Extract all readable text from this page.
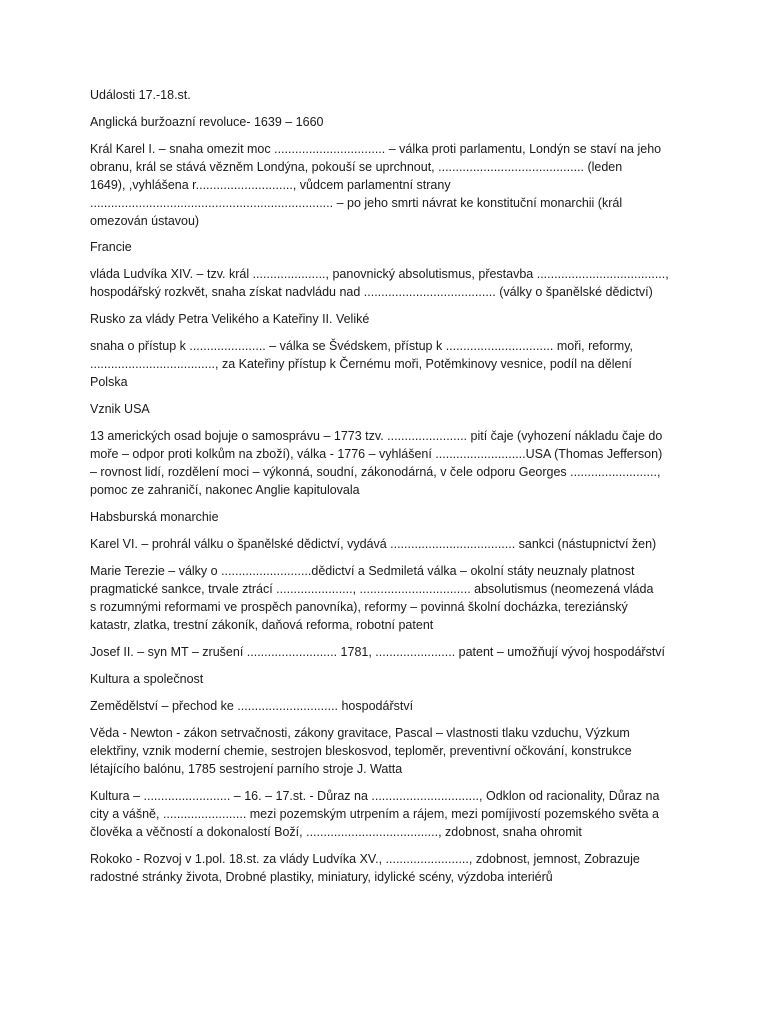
Události 17.-18.st.
Anglická buržoazní revoluce- 1639 – 1660
Král Karel I. – snaha omezit moc ................................ – válka proti parlamentu, Londýn se staví na jeho
obranu, král se stává vězněm Londýna, pokouší se uprchnout, .......................................... (leden
1649), ,vyhlášena r............................, vůdcem parlamentní strany
...................................................................... – po jeho smrti návrat ke konstituční monarchii (král
omezován ústavou)
Francie
vláda Ludvíka XIV. – tzv. král ....................., panovnický absolutismus, přestavba .....................................,
hospodářský rozkvět, snaha získat nadvládu nad ...................................... (války o španělské dědictví)
Rusko za vlády Petra Velikého a Kateřiny II. Veliké
snaha o přístup k ...................... – válka se Švédskem, přístup k ............................... moři, reformy,
...................................., za Kateřiny přístup k Černému moři, Potěmkinovy vesnice, podíl na dělení
Polska
Vznik USA
13 amerických osad bojuje o samosprávu – 1773 tzv. ....................... pití čaje (vyhození nákladu čaje do
moře – odpor proti kolkům na zboží), válka - 1776 – vyhlášení ..........................USA (Thomas Jefferson)
– rovnost lidí, rozdělení moci – výkonná, soudní, zákonodárná, v čele odporu Georges .........................,
pomoc ze zahraničí, nakonec Anglie kapitulovala
Habsburská monarchie
Karel VI. – prohrál válku o španělské dědictví, vydává .................................... sankci (nástupnictví žen)
Marie Terezie – války o ..........................dědictví a Sedmiletá válka – okolní státy neuznaly platnost
pragmatické sankce, trvale ztrácí ......................, ................................ absolutismus (neomezená vláda
s rozumnými reformami ve prospěch panovníka), reformy – povinná školní docházka, tereziánský
katastr, zlatka, trestní zákoník, daňová reforma, robotní patent
Josef II. – syn MT – zrušení .......................... 1781, ....................... patent – umožňují vývoj hospodářství
Kultura a společnost
Zemědělství – přechod ke ............................. hospodářství
Věda - Newton - zákon setrvačnosti, zákony gravitace, Pascal – vlastnosti tlaku vzduchu, Výzkum
elektřiny, vznik moderní chemie, sestrojen bleskosvod, teploměr, preventivní očkování, konstrukce
létajícího balónu, 1785 sestrojení parního stroje J. Watta
Kultura – ......................... – 16. – 17.st. - Důraz na ..............................., Odklon od racionality, Důraz na
city a vášně, ........................ mezi pozemským utrpením a rájem, mezi pomíjivostí pozemského světa a
člověka a věčností a dokonalostí Boží, ......................................, zdobnost, snaha ohromit
Rokoko - Rozvoj v 1.pol. 18.st. za vlády Ludvíka XV., ........................, zdobnost, jemnost, Zobrazuje
radostné stránky života, Drobné plastiky, miniatury, idylické scény, výzdoba interiérů
